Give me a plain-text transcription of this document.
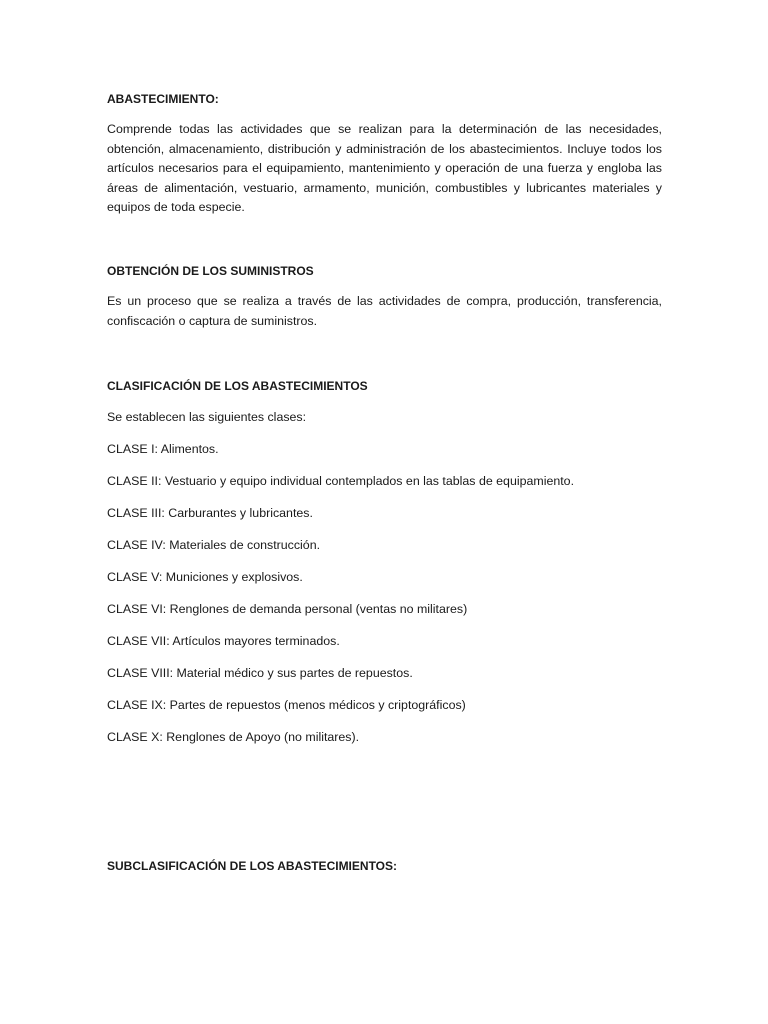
ABASTECIMIENTO:

Comprende todas las actividades que se realizan para la determinación de las necesidades, obtención, almacenamiento, distribución y administración de los abastecimientos. Incluye todos los artículos necesarios para el equipamiento, mantenimiento y operación de una fuerza y engloba las áreas de alimentación, vestuario, armamento, munición, combustibles y lubricantes materiales y equipos de toda especie.

OBTENCIÓN DE LOS SUMINISTROS

Es un proceso que se realiza a través de las actividades de compra, producción, transferencia, confiscación o captura de suministros.

CLASIFICACIÓN DE LOS ABASTECIMIENTOS

Se establecen las siguientes clases:

CLASE I: Alimentos.

CLASE II: Vestuario y equipo individual contemplados en las tablas de equipamiento.

CLASE III: Carburantes y lubricantes.

CLASE IV: Materiales de construcción.

CLASE V: Municiones y explosivos.

CLASE VI: Renglones de demanda personal (ventas no militares)

CLASE VII: Artículos mayores terminados.

CLASE VIII: Material médico y sus partes de repuestos.

CLASE IX: Partes de repuestos (menos médicos y criptográficos)

CLASE X: Renglones de Apoyo (no militares).

SUBCLASIFICACIÓN DE LOS ABASTECIMIENTOS:
